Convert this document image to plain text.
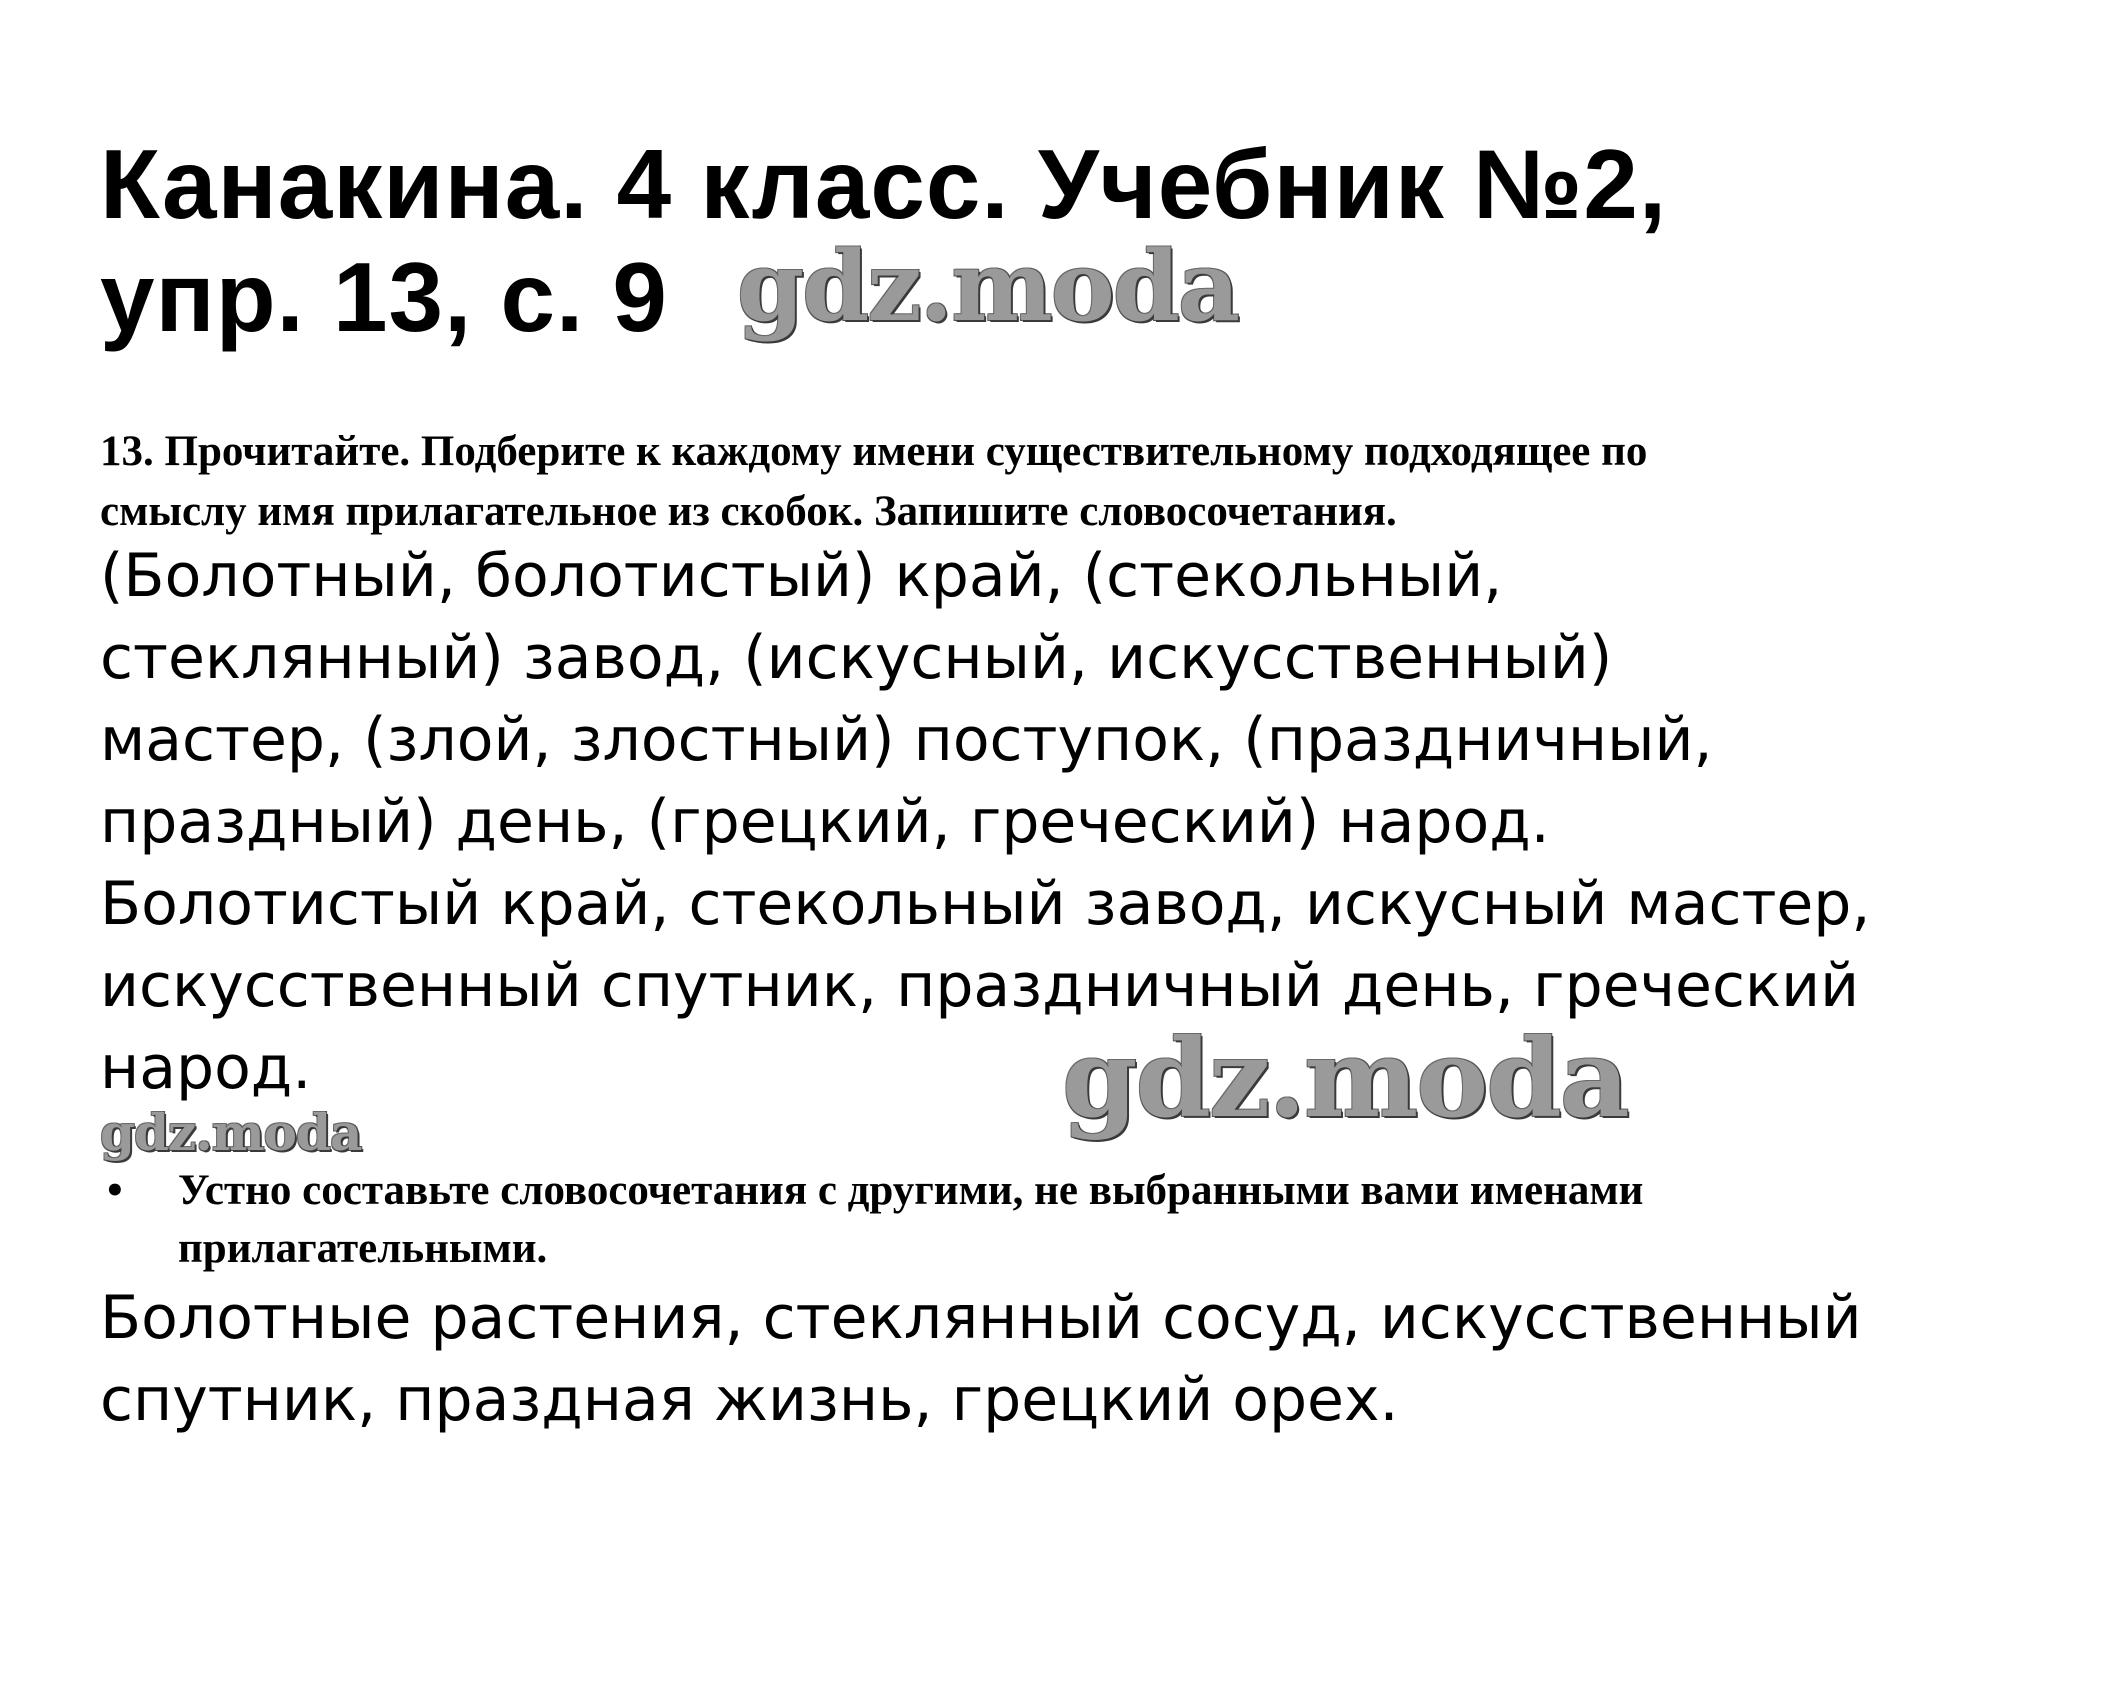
Канакина. 4 класс. Учебник №2,
упр. 13, с. 9 gdz.moda

13. Прочитайте. Подберите к каждому имени существительному подходящее по
смыслу имя прилагательное из скобок. Запишите словосочетания.

(Болотный, болотистый) край, (стекольный,
стеклянный) завод, (искусный, искусственный)
мастер, (злой, злостный) поступок, (праздничный,
праздный) день, (грецкий, греческий) народ.
Болотистый край, стекольный завод, искусный мастер,
искусственный спутник, праздничный день, греческий
народ.	gdz.moda
gdz.moda
• Устно составьте словосочетания с другими, не выбранными вами именами
прилагательными.
Болотные растения, стеклянный сосуд, искусственный
спутник, праздная жизнь, грецкий орех.
